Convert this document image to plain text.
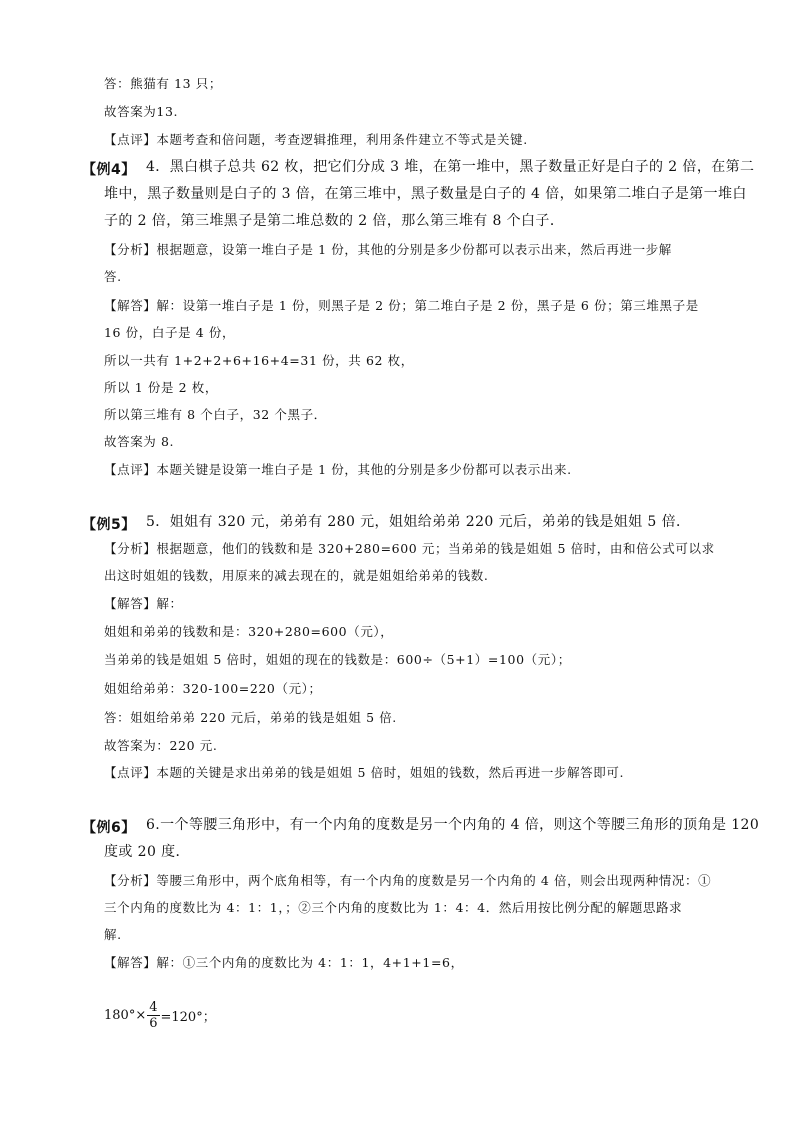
答：熊猫有 13 只；
故答案为13.
【点评】本题考查和倍问题，考查逻辑推理，利用条件建立不等式是关键.
【例4】 4．黑白棋子总共 62 枚，把它们分成 3 堆，在第一堆中，黑子数量正好是白子的 2 倍，在第二
堆中，黑子数量则是白子的 3 倍，在第三堆中，黑子数量是白子的 4 倍，如果第二堆白子是第一堆白
子的 2 倍，第三堆黑子是第二堆总数的 2 倍，那么第三堆有 8 个白子．
【分析】根据题意，设第一堆白子是 1 份，其他的分别是多少份都可以表示出来，然后再进一步解
答.
【解答】解：设第一堆白子是 1 份，则黑子是 2 份；第二堆白子是 2 份，黑子是 6 份；第三堆黑子是
16 份，白子是 4 份，
所以一共有 1+2+2+6+16+4=31 份，共 62 枚，
所以 1 份是 2 枚，
所以第三堆有 8 个白子，32 个黑子．
故答案为 8.
【点评】本题关键是设第一堆白子是 1 份，其他的分别是多少份都可以表示出来.
【例5】 5．姐姐有 320 元，弟弟有 280 元，姐姐给弟弟 220 元后，弟弟的钱是姐姐 5 倍．
【分析】根据题意，他们的钱数和是 320+280=600 元；当弟弟的钱是姐姐 5 倍时，由和倍公式可以求
出这时姐姐的钱数，用原来的减去现在的，就是姐姐给弟弟的钱数.
【解答】解：
姐姐和弟弟的钱数和是：320+280=600（元），
当弟弟的钱是姐姐 5 倍时，姐姐的现在的钱数是：600÷（5+1）=100（元）；
姐姐给弟弟：320-100=220（元）；
答：姐姐给弟弟 220 元后，弟弟的钱是姐姐 5 倍.
故答案为：220 元.
【点评】本题的关键是求出弟弟的钱是姐姐 5 倍时，姐姐的钱数，然后再进一步解答即可.
【例6】 6.一个等腰三角形中，有一个内角的度数是另一个内角的 4 倍，则这个等腰三角形的顶角是 120
度或 20 度．
【分析】等腰三角形中，两个底角相等，有一个内角的度数是另一个内角的 4 倍，则会出现两种情况：①
三个内角的度数比为 4：1：1，；②三个内角的度数比为 1：4：4．然后用按比例分配的解题思路求
解.
【解答】解：①三个内角的度数比为 4：1：1，4+1+1=6，
$180^\circ\times \frac{4}{6} =120^\circ$；
